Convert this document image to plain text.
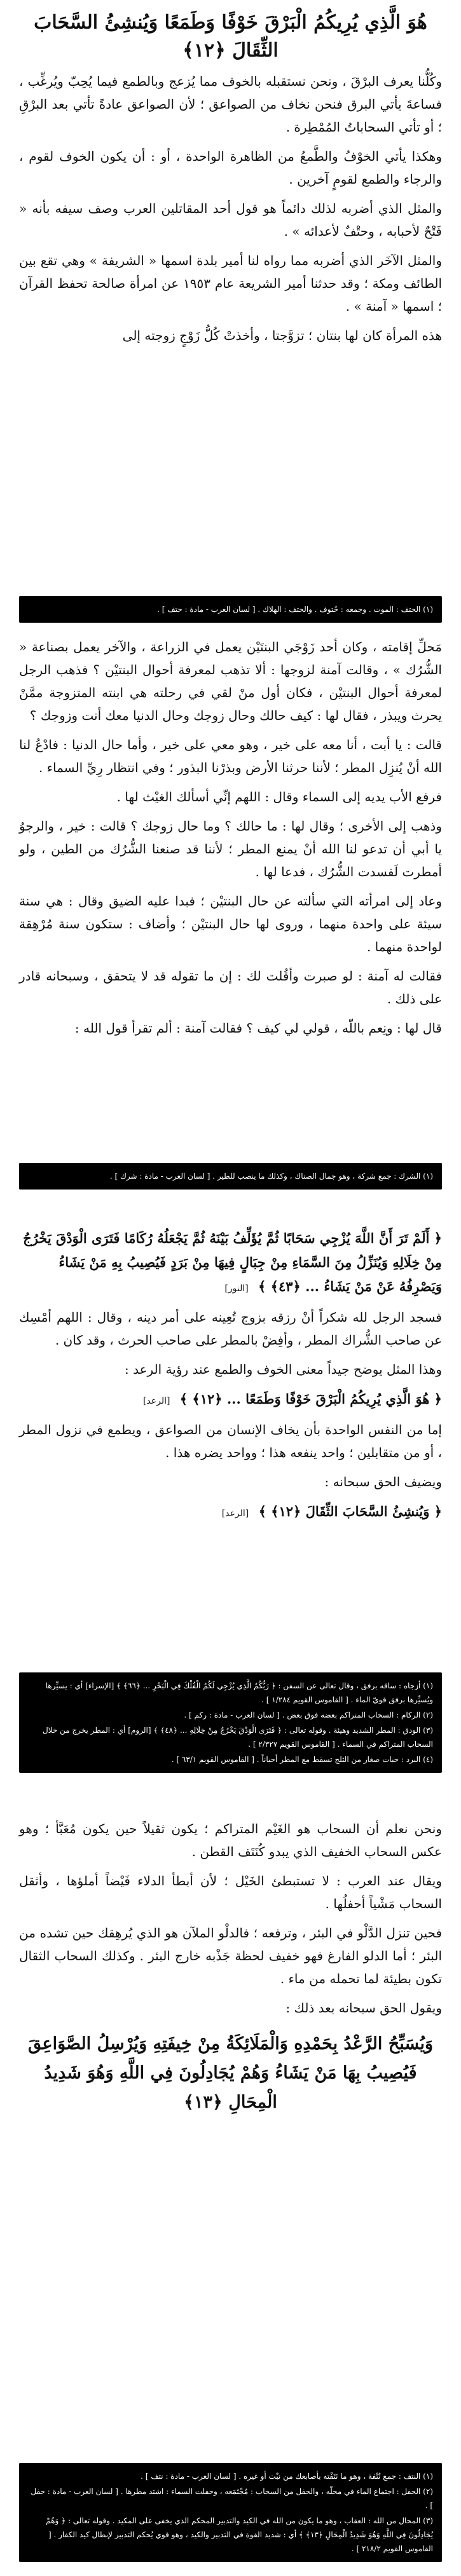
هُوَ الَّذِي يُرِيكُمُ الْبَرْقَ خَوْفًا وَطَمَعًا وَيُنشِئُ السَّحَابَ الثِّقَالَ ﴿١٢﴾

وكُلُّنا يعرف البرْقَ ، ونحن نستقبله بالخوف مما يُزعج وبالطمع فيما يُحِبّ ويُرغِّب ، فساعةَ يأتي البرق فنحن نخاف من الصواعق ؛ لأن الصواعق عادةً تأتي بعد البرْقِ ؛ أو تأتي السحاباتُ المُمْطِرة .

وهكذا يأتي الخوْفُ والطَّمعُ من الظاهرة الواحدة ، أو : أن يكون الخوف لقوم ، والرجاء والطمع لقومٍ آخرين .

والمثل الذي أضربه لذلك دائماً هو قول أحد المقاتلين العرب وصف سيفه بأنه « فَتْحٌ لأحبابه ، وحتْفٌ لأعدائه » .

والمثل الآخَر الذي أضربه مما رواه لنا أمير بلدة اسمها « الشريفة » وهي تقع بين الطائف ومكة ؛ وقد حدثنا أمير الشريعة عام ١٩٥٣ عن امرأة صالحة تحفظ القرآن ؛ اسمها « آمنة » .

هذه المرأة كان لها بنتان ؛ تزوَّجتا ، وأخذتْ كُلُّ زَوْجٍ زوجته إلى

(١) الحتف : الموت . وجمعه : حُتوف . والحتف : الهلاك . [ لسان العرب - مادة : حتف ] .

مَحلِّ إقامته ، وكان أحد زَوْجَي البنتَيْن يعمل في الزراعة ، والآخر يعمل بصناعة « الشُّرُك » ، وقالت آمنة لزوجها : ألا تذهب لمعرفة أحوال البنتيْن ؟ فذهب الرجل لمعرفة أحوال البنتيْن ، فكان أول منْ لقي في رحلته هي ابنته المتزوجة ممَّنْ يحرث ويبذر ، فقال لها : كيف حالك وحال زوجك وحال الدنيا معك أنت وزوجك ؟

قالت : يا أبت ، أنا معه على خير ، وهو معي على خير ، وأما حال الدنيا : فادْعُ لنا الله أنْ يُنزِل المطر ؛ لأننا حرثنا الأرض وبذرْنا البذور ؛ وفي انتظار رِيِّ السماء .

فرفع الأب يديه إلى السماء وقال : اللهم إنِّي أسألك الغيْث لها .

وذهب إلى الأخرى ؛ وقال لها : ما حالك ؟ وما حال زوجك ؟ قالت : خير ، والرجوُ يا أبي أن تدعو لنا الله أنْ يمنع المطر ؛ لأننا قد صنعنا الشُّرُك من الطين ، ولو أمطرت لَفسدت الشُّرُك ، فدعا لها .

وعاد إلى امرأته التي سألته عن حال البنتيْن ؛ فبدا عليه الضيق وقال : هي سنة سيئة على واحدة منهما ، وروى لها حال البنتيْن ؛ وأضاف : ستكون سنة مُرْهِقة لواحدة منهما .

فقالت له آمنة : لو صبرت وأقُلت لك : إن ما تقوله قد لا يتحقق ، وسبحانه قادر على ذلك .

قال لها : ونِعم باللّه ، قولي لي كيف ؟ فقالت آمنة : ألم تقرأ قول الله :

(١) الشرك : جمع شركة ، وهو جمال الصناك ، وكذلك ما ينصب للطير . [ لسان العرب - مادة : شرك ] .

﴿ أَلَمْ تَرَ أَنَّ اللَّهَ يُزْجِي سَحَابًا ثُمَّ يُؤَلِّفُ بَيْنَهُ ثُمَّ يَجْعَلُهُ رُكَامًا فَتَرَى الْوَدْقَ يَخْرُجُ مِنْ خِلَالِهِ وَيُنَزِّلُ مِنَ السَّمَاءِ مِنْ جِبَالٍ فِيهَا مِنْ بَرَدٍ فَيُصِيبُ بِهِ مَنْ يَشَاءُ وَيَصْرِفُهُ عَنْ مَنْ يَشَاءُ ... ﴿٤٣﴾ ﴾ [النور]

فسجد الرجل لله شكراً أنْ رزقه بزوج تُعِينه على أمر دينه ، وقال : اللهم أمْسِك عن صاحب الشُّراك المطر ، وأفِضْ بالمطر على صاحب الحرث ، وقد كان .

وهذا المثل يوضح جيداً معنى الخوف والطمع عند رؤية الرعد :

﴿ هُوَ الَّذِي يُرِيكُمُ الْبَرْقَ خَوْفًا وَطَمَعًا ... ﴿١٢﴾ ﴾ [الرعد]

إما من النفس الواحدة بأن يخاف الإنسان من الصواعق ، ويطمع في نزول المطر ، أو من متقابلين ؛ واحد ينفعه هذا ؛ وواحد يضره هذا .

ويضيف الحق سبحانه :

﴿ وَيُنشِئُ السَّحَابَ الثِّقَالَ ﴿١٢﴾ ﴾ [الرعد]

(١) أزجاه : ساقه برفق ، وقال تعالى عن السفن : ﴿ رَبُّكُمُ الَّذِي يُزْجِي لَكُمُ الْفُلْكَ فِي الْبَحْرِ ... ﴿٦٦﴾ ﴾ [الإسراء] أي : يسيِّرها ويُسيِّرها برفق قويّ الماء . [ القاموس القويم ١/٢٨٤ ] .
(٢) الركام : السحاب المتراكم بعضه فوق بعض . [ لسان العرب - مادة : ركم ] .
(٣) الودق : المطر الشديد وهيئة . وقوله تعالى : ﴿ فَتَرَى الْوَدْقَ يَخْرُجُ مِنْ خِلَالِهِ ... ﴿٤٨﴾ ﴾ [الروم] أي : المطر يخرج من خلال السحاب المتراكم في السماء . [ القاموس القويم ٢/٣٢٧ ] .
(٤) البرد : حبات صغار من الثلج تسقط مع المطر أحياناً . [ القاموس القويم ٦٣/١ ] .

ونحن نعلم أن السحاب هو الغَيْم المتراكم ؛ يكون ثقيلاً حين يكون مُعَبَّأ ؛ وهو عكس السحاب الخفيف الذي يبدو كُنَتَف القطن .

ويقال عند العرب : لا تستبطئ الخَيْل ؛ لأن أبطأ الدلاء فَيْضاً أملؤها ، وأثقل السحاب مَشْياً أحفلُها .

فحين تنزل الدَّلْو في البئر ، وترفعه ؛ فالدلْو الملآن هو الذي يُرهِقك حين تشده من البئر ؛ أما الدلو الفارغ فهو خفيف لحظة جَذْبه خارج البئر . وكذلك السحاب الثقال تكون بطيئة لما تحمله من ماء .

ويقول الحق سبحانه بعد ذلك :

وَيُسَبِّحُ الرَّعْدُ بِحَمْدِهِ وَالْمَلَائِكَةُ مِنْ خِيفَتِهِ وَيُرْسِلُ الصَّوَاعِقَ فَيُصِيبُ بِهَا مَنْ يَشَاءُ وَهُمْ يُجَادِلُونَ فِي اللَّهِ وَهُوَ شَدِيدُ الْمِحَالِ ﴿١٣﴾
(١) النتف : جمع نُتْفة ، وهو ما نَتَفْته بأصابعك من نبْت أو غيره . [ لسان العرب - مادة : نتف ] .
(٢) الحفل : اجتماع الماء في محلّه ، والحفل من السحاب : مُجْتَمَعه ، وحفلت السماء : اشتد مطرها . [ لسان العرب - مادة : حفل ] .
(٣) المحال من الله : العقاب ، وهو ما يكون من الله في الكيد والتدبير المحكم الذي يخفى على المكيد . وقوله تعالى : ﴿ وَهُمْ يُجَادِلُونَ فِي اللَّهِ وَهُوَ شَدِيدُ الْمِحَالِ ﴿١٣﴾ ﴾ أي : شديد القوة في التدبير والكيد ، وهو قوي يُحكم التدبير لإبطال كيد الكفار . [ القاموس القويم ٢١٨/٢ ] .
